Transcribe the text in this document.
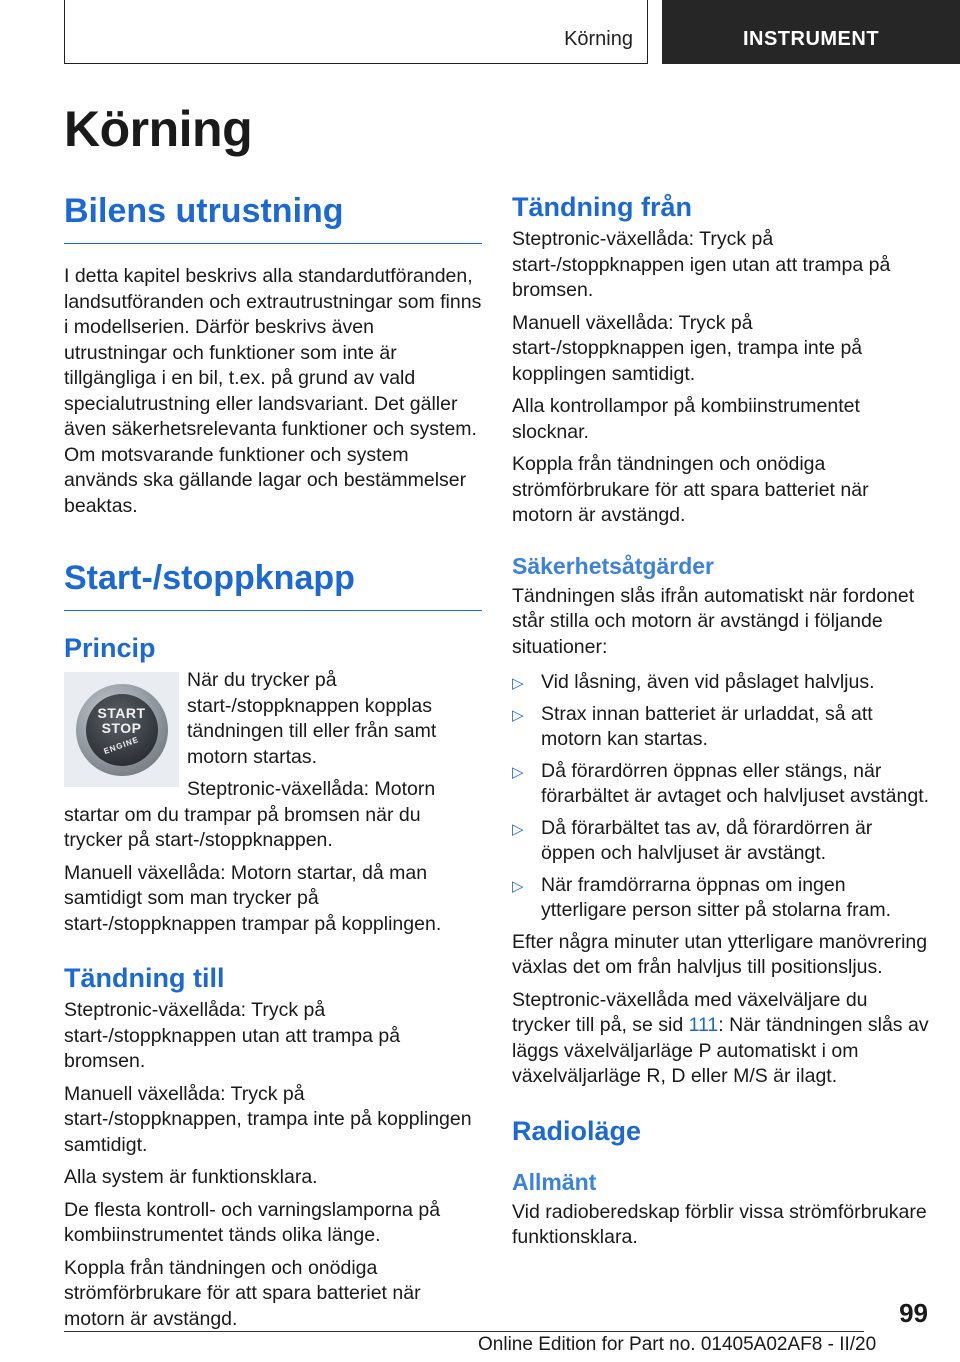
Körning	INSTRUMENT
Körning
Bilens utrustning

I detta kapitel beskrivs alla standardutföranden, landsutföranden och extrautrustningar som finns i modellserien. Därför beskrivs även utrustningar och funktioner som inte är tillgängliga i en bil, t.ex. på grund av vald specialutrustning eller landsvariant. Det gäller även säkerhetsrelevanta funktioner och system. Om motsvarande funktioner och system används ska gällande lagar och bestämmelser beaktas.

Start-/stoppknapp
Princip
START
STOP
ENGINE

När du trycker på start-/stoppknappen kopplas tändningen till eller från samt motorn startas.

Steptronic-växellåda: Motorn startar om du trampar på bromsen när du trycker på start-/stoppknappen.

Manuell växellåda: Motorn startar, då man samtidigt som man trycker på start-/stoppknappen trampar på kopplingen.

Tändning till

Steptronic-växellåda: Tryck på start-/stoppknappen utan att trampa på bromsen.

Manuell växellåda: Tryck på start-/stoppknappen, trampa inte på kopplingen samtidigt.

Alla system är funktionsklara.

De flesta kontroll- och varningslamporna på kombiinstrumentet tänds olika länge.

Koppla från tändningen och onödiga strömförbrukare för att spara batteriet när motorn är avstängd.

Tändning från

Steptronic-växellåda: Tryck på start-/stoppknappen igen utan att trampa på bromsen.

Manuell växellåda: Tryck på start-/stoppknappen igen, trampa inte på kopplingen samtidigt.

Alla kontrollampor på kombiinstrumentet slocknar.

Koppla från tändningen och onödiga strömförbrukare för att spara batteriet när motorn är avstängd.

Säkerhetsåtgärder

Tändningen slås ifrån automatiskt när fordonet står stilla och motorn är avstängd i följande situationer:

▷ Vid låsning, även vid påslaget halvljus.
▷ Strax innan batteriet är urladdat, så att motorn kan startas.
▷ Då förardörren öppnas eller stängs, när förarbältet är avtaget och halvljuset avstängt.
▷ Då förarbältet tas av, då förardörren är öppen och halvljuset är avstängt.
▷ När framdörrarna öppnas om ingen ytterligare person sitter på stolarna fram.

Efter några minuter utan ytterligare manövrering växlas det om från halvljus till positionsljus.

Steptronic-växellåda med växelväljare du trycker till på, se sid 111: När tändningen slås av läggs växelväljarläge P automatiskt i om växelväljarläge R, D eller M/S är ilagt.

Radioläge
Allmänt

Vid radioberedskap förblir vissa strömförbrukare funktionsklara.

99
Online Edition for Part no. 01405A02AF8 - II/20
